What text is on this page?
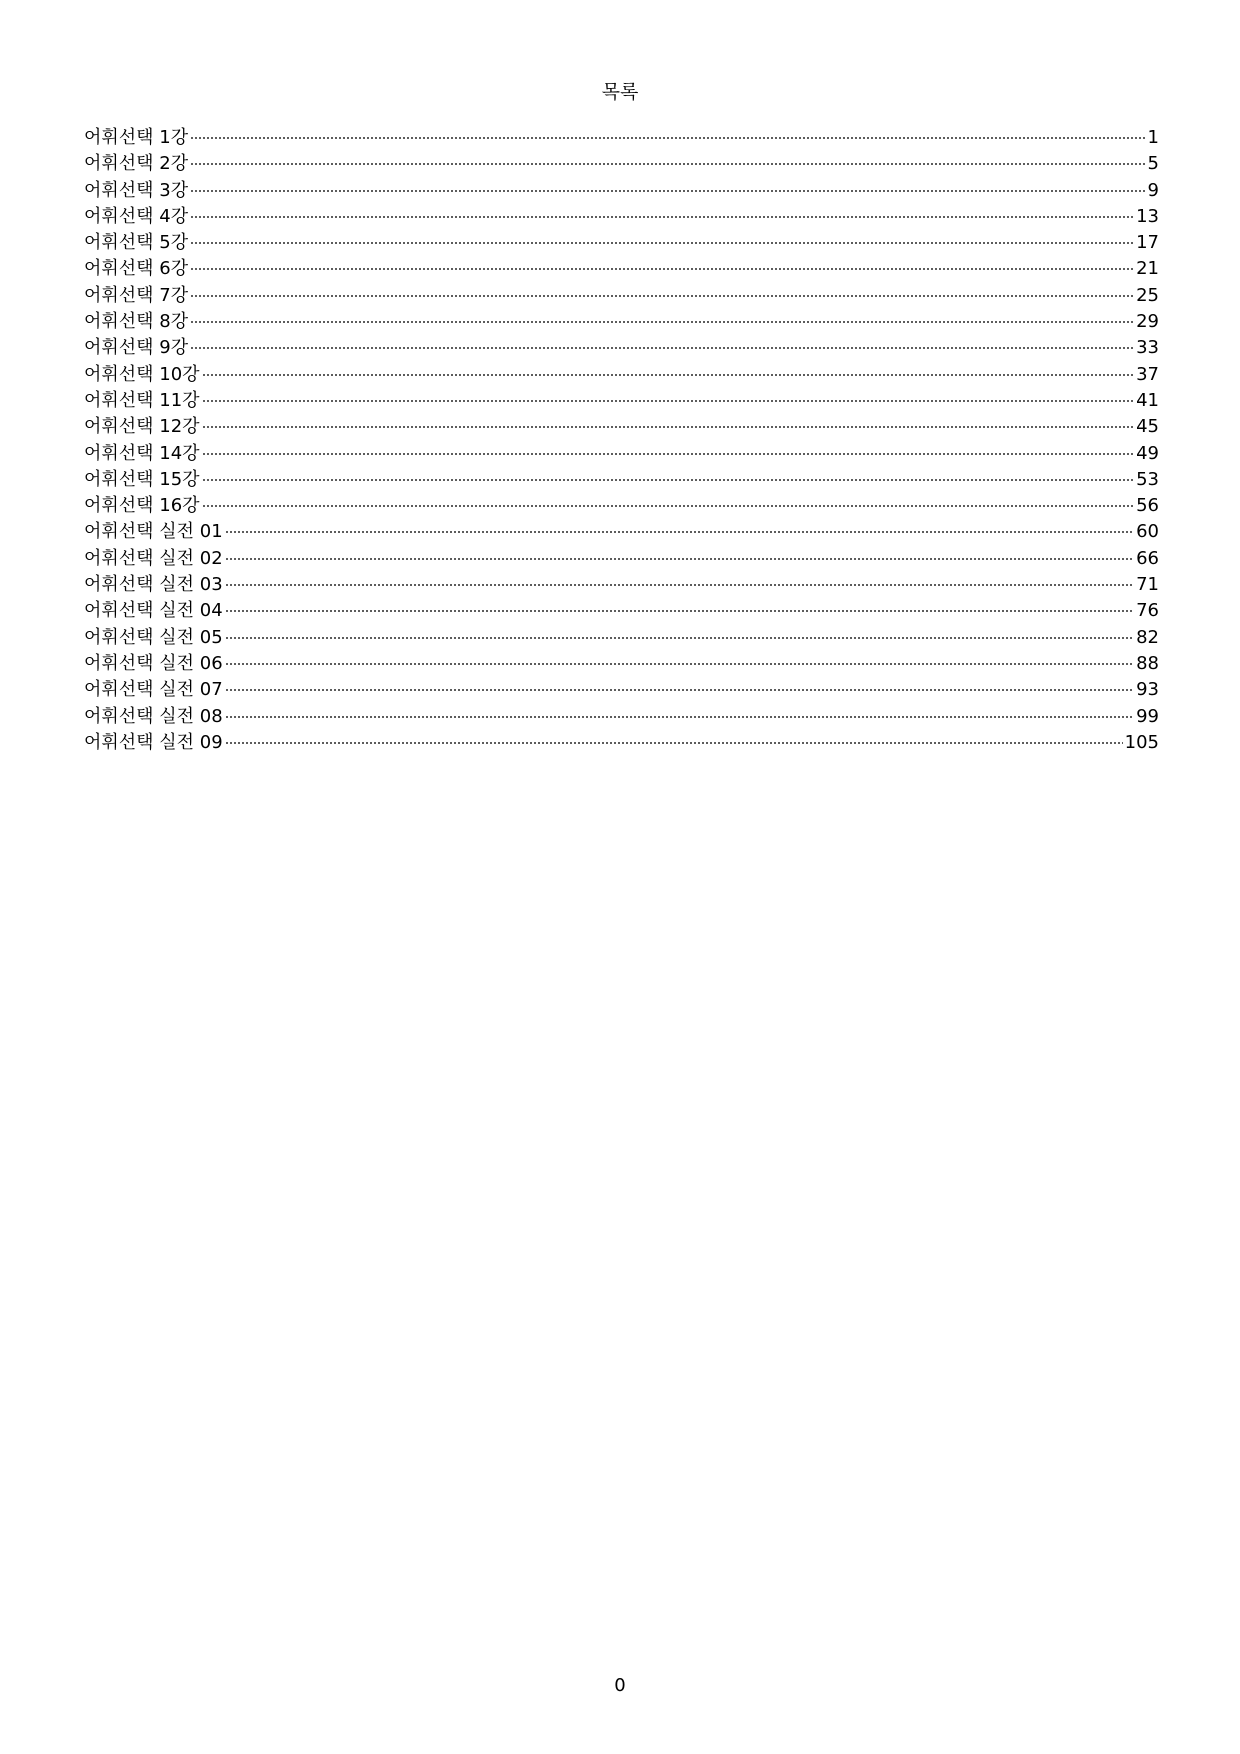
목록
어휘선택 1강	1
어휘선택 2강	5
어휘선택 3강	9
어휘선택 4강	13
어휘선택 5강	17
어휘선택 6강	21
어휘선택 7강	25
어휘선택 8강	29
어휘선택 9강	33
어휘선택 10강	37
어휘선택 11강	41
어휘선택 12강	45
어휘선택 14강	49
어휘선택 15강	53
어휘선택 16강	56
어휘선택 실전 01	60
어휘선택 실전 02	66
어휘선택 실전 03	71
어휘선택 실전 04	76
어휘선택 실전 05	82
어휘선택 실전 06	88
어휘선택 실전 07	93
어휘선택 실전 08	99
어휘선택 실전 09	105
0
